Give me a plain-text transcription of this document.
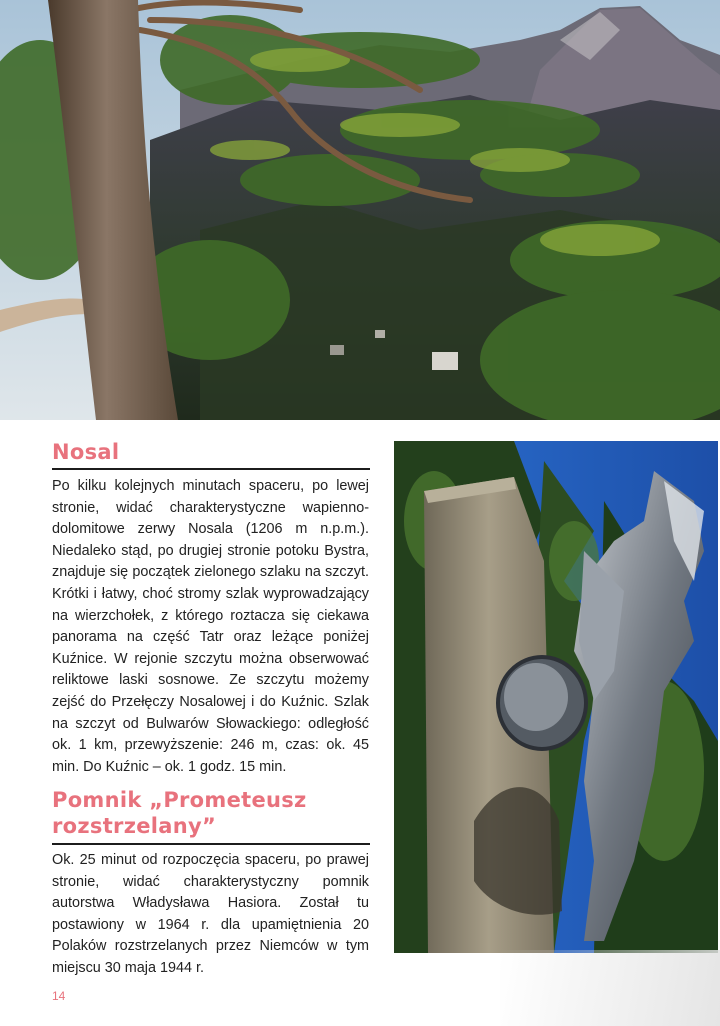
Nosal

Po kilku kolejnych minutach spaceru, po lewej stronie, widać charakterystyczne wapienno-dolomitowe zerwy Nosala (1206 m n.p.m.). Niedaleko stąd, po drugiej stronie potoku Bystra, znajduje się początek zielonego szlaku na szczyt. Krótki i łatwy, choć stromy szlak wyprowadzający na wierzchołek, z którego roztacza się ciekawa panorama na część Tatr oraz leżące poniżej Kuźnice. W rejonie szczytu można obserwować reliktowe laski sosnowe. Ze szczytu możemy zejść do Przełęczy Nosalowej i do Kuźnic. Szlak na szczyt od Bulwarów Słowackiego: odległość ok. 1 km, przewyższenie: 246 m, czas: ok. 45 min. Do Kuźnic – ok. 1 godz. 15 min.

Pomnik „Prometeusz
rozstrzelany”

Ok. 25 minut od rozpoczęcia spaceru, po prawej stronie, widać charakterystyczny pomnik autorstwa Władysława Hasiora. Został tu postawiony w 1964 r. dla upamiętnienia 20 Polaków rozstrzelanych przez Niemców w tym miejscu 30 maja 1944 r.

14
